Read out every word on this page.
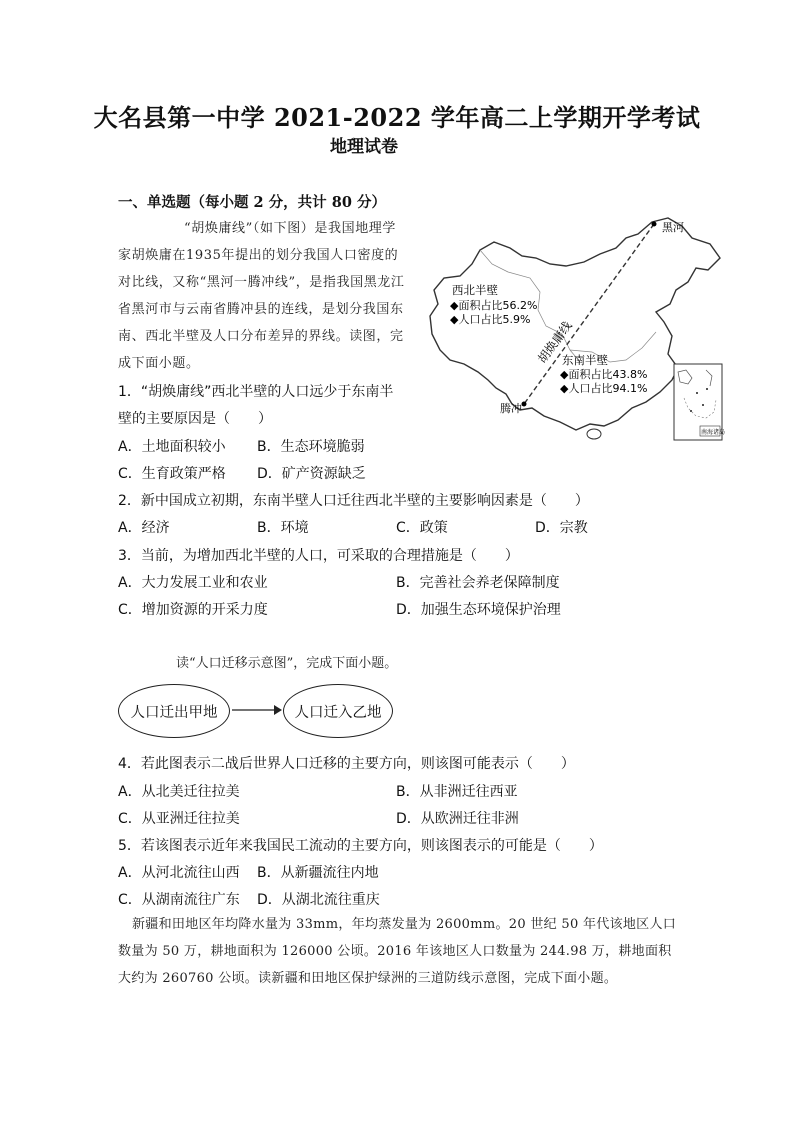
大名县第一中学 2021-2022 学年高二上学期开学考试
地理试卷
一、单选题（每小题 2 分，共计 80 分）
“胡焕庸线”（如下图）是我国地理学家胡焕庸在1935年提出的划分我国人口密度的对比线，又称“黑河一腾冲线”，是指我国黑龙江省黑河市与云南省腾冲县的连线，是划分我国东南、西北半壁及人口分布差异的界线。读图，完成下面小题。
黑河
腾冲
胡焕庸线
西北半壁
◆面积占比56.2%
◆人口占比5.9%
东南半壁
◆面积占比43.8%
◆人口占比94.1%
南海诸岛
1．“胡焕庸线”西北半壁的人口远少于东南半
壁的主要原因是（　　）
A．土地面积较小 B．生态环境脆弱
C．生育政策严格 D．矿产资源缺乏
2．新中国成立初期，东南半壁人口迁往西北半壁的主要影响因素是（　　）
A．经济	B．环境	C．政策	D．宗教
3．当前，为增加西北半壁的人口，可采取的合理措施是（　　）
A．大力发展工业和农业	B．完善社会养老保障制度
C．增加资源的开采力度	D．加强生态环境保护治理
读“人口迁移示意图”，完成下面小题。
人口迁出甲地	人口迁入乙地
4．若此图表示二战后世界人口迁移的主要方向，则该图可能表示（　　）
A．从北美迁往拉美	B．从非洲迁往西亚
C．从亚洲迁往拉美	D．从欧洲迁往非洲
5．若该图表示近年来我国民工流动的主要方向，则该图表示的可能是（　　）
A．从河北流往山西 B．从新疆流往内地
C．从湖南流往广东 D．从湖北流往重庆
新疆和田地区年均降水量为 33mm，年均蒸发量为 2600mm。20 世纪 50 年代该地区人口数量为 50 万，耕地面积为 126000 公顷。2016 年该地区人口数量为 244.98 万，耕地面积大约为 260760 公顷。读新疆和田地区保护绿洲的三道防线示意图，完成下面小题。
